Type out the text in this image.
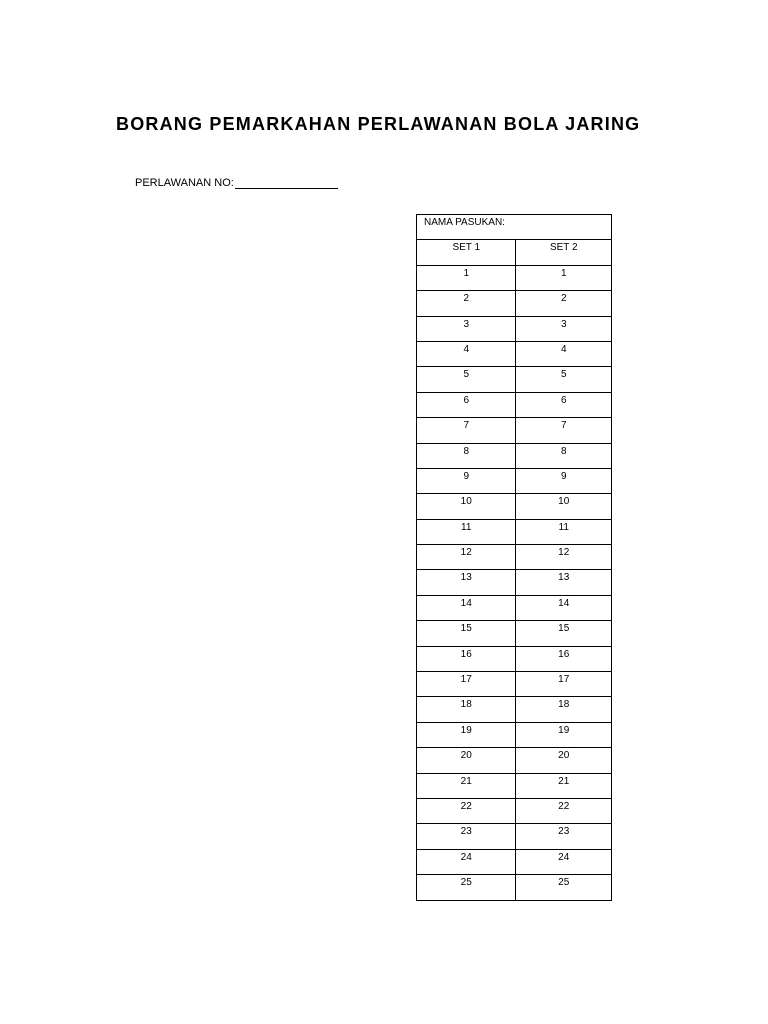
BORANG PEMARKAHAN PERLAWANAN BOLA JARING
PERLAWANAN NO:
NAMA PASUKAN:	
SET 1	SET 2
1	1
2	2
3	3
4	4
5	5
6	6
7	7
8	8
9	9
10	10
11	11
12	12
13	13
14	14
15	15
16	16
17	17
18	18
19	19
20	20
21	21
22	22
23	23
24	24
25	25
